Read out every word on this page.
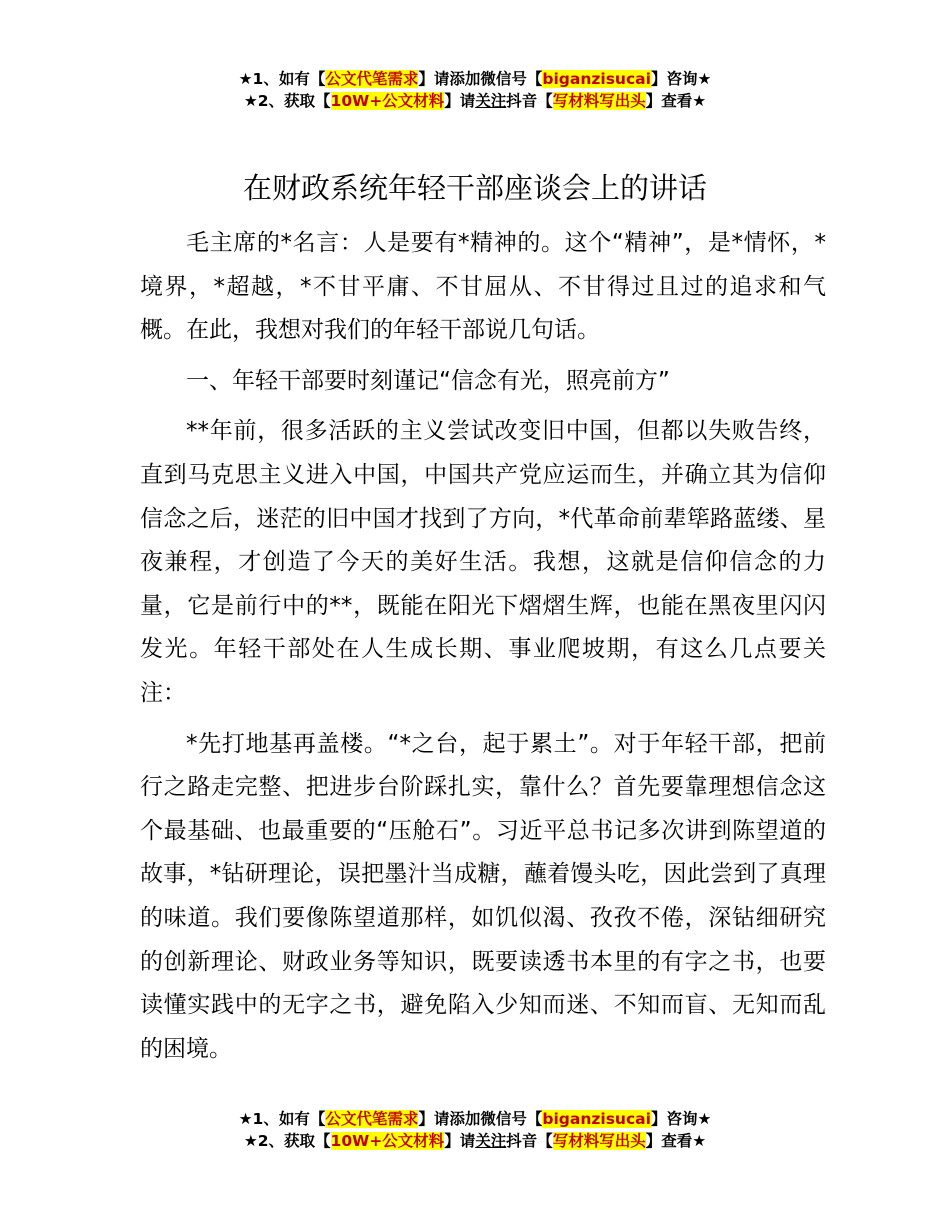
★1、如有【公文代笔需求】请添加微信号【biganzisucai】咨询★
★2、获取【10W+公文材料】请关注抖音【写材料写出头】查看★
在财政系统年轻干部座谈会上的讲话

毛主席的*名言：人是要有*精神的。这个“精神”，是*情怀，*境界，*超越，*不甘平庸、不甘屈从、不甘得过且过的追求和气概。在此，我想对我们的年轻干部说几句话。

一、年轻干部要时刻谨记“信念有光，照亮前方”

**年前，很多活跃的主义尝试改变旧中国，但都以失败告终，直到马克思主义进入中国，中国共产党应运而生，并确立其为信仰信念之后，迷茫的旧中国才找到了方向，*代革命前辈筚路蓝缕、星夜兼程，才创造了今天的美好生活。我想，这就是信仰信念的力量，它是前行中的**，既能在阳光下熠熠生辉，也能在黑夜里闪闪发光。年轻干部处在人生成长期、事业爬坡期，有这么几点要关注：

*先打地基再盖楼。“*之台，起于累土”。对于年轻干部，把前行之路走完整、把进步台阶踩扎实，靠什么？首先要靠理想信念这个最基础、也最重要的“压舱石”。习近平总书记多次讲到陈望道的故事，*钻研理论，误把墨汁当成糖，蘸着馒头吃，因此尝到了真理的味道。我们要像陈望道那样，如饥似渴、孜孜不倦，深钻细研究的创新理论、财政业务等知识，既要读透书本里的有字之书，也要读懂实践中的无字之书，避免陷入少知而迷、不知而盲、无知而乱的困境。

★1、如有【公文代笔需求】请添加微信号【biganzisucai】咨询★
★2、获取【10W+公文材料】请关注抖音【写材料写出头】查看★
